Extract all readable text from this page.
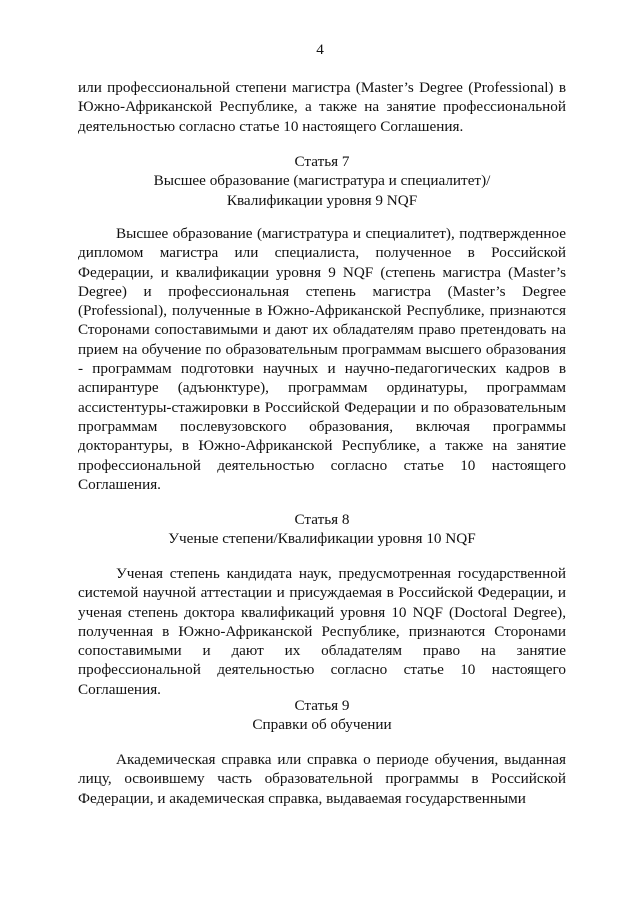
4

или профессиональной степени магистра (Master’s Degree (Professional) в Южно-Африканской Республике, а также на занятие профессиональной деятельностью согласно статье 10 настоящего Соглашения.

Статья 7
Высшее образование (магистратура и специалитет)/
Квалификации уровня 9 NQF

Высшее образование (магистратура и специалитет), подтвержденное дипломом магистра или специалиста, полученное в Российской Федерации, и квалификации уровня 9 NQF (степень магистра (Master’s Degree) и профессиональная степень магистра (Master’s Degree (Professional), полученные в Южно-Африканской Республике, признаются Сторонами сопоставимыми и дают их обладателям право претендовать на прием на обучение по образовательным программам высшего образования - программам подготовки научных и научно-педагогических кадров в аспирантуре (адъюнктуре), программам ординатуры, программам ассистентуры-стажировки в Российской Федерации и по образовательным программам послевузовского образования, включая программы докторантуры, в Южно-Африканской Республике, а также на занятие профессиональной деятельностью согласно статье 10 настоящего Соглашения.

Статья 8
Ученые степени/Квалификации уровня 10 NQF

Ученая степень кандидата наук, предусмотренная государственной системой научной аттестации и присуждаемая в Российской Федерации, и ученая степень доктора квалификаций уровня 10 NQF (Doctoral Degree), полученная в Южно-Африканской Республике, признаются Сторонами сопоставимыми и дают их обладателям право на занятие профессиональной деятельностью согласно статье 10 настоящего Соглашения.

Статья 9
Справки об обучении

Академическая справка или справка о периоде обучения, выданная лицу, освоившему часть образовательной программы в Российской Федерации, и академическая справка, выдаваемая государственными
